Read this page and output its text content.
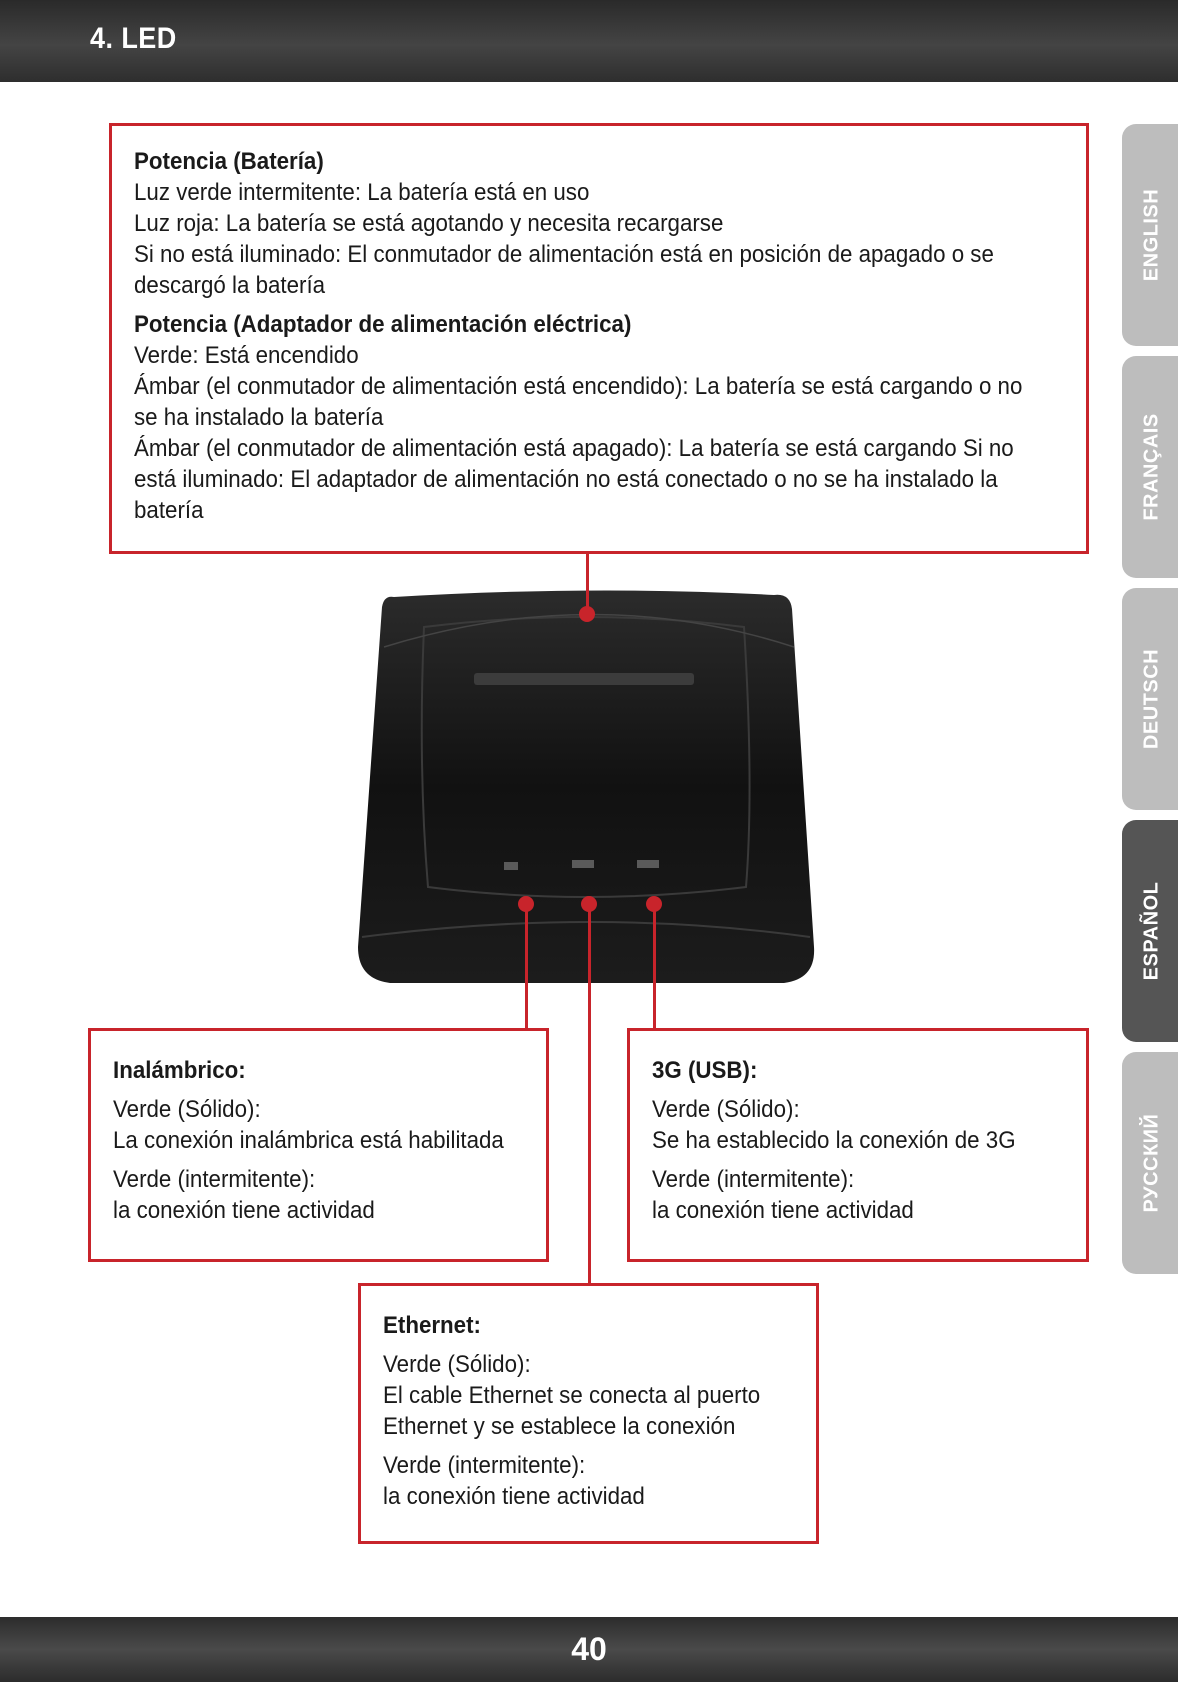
4. LED
ENGLISH
FRANÇAIS
DEUTSCH
ESPAÑOL
РУССКИЙ
Potencia (Batería)
Luz verde intermitente: La batería está en uso
Luz roja: La batería se está agotando y necesita recargarse
Si no está iluminado: El conmutador de alimentación está en posición de apagado o se
descargó la batería
Potencia (Adaptador de alimentación eléctrica)
Verde: Está encendido
Ámbar (el conmutador de alimentación está encendido): La batería se está cargando o no
se ha instalado la batería
Ámbar (el conmutador de alimentación está apagado): La batería se está cargando Si no
está iluminado: El adaptador de alimentación no está conectado o no se ha instalado la
batería
Inalámbrico:
Verde (Sólido):
La conexión inalámbrica está habilitada
Verde (intermitente):
la conexión tiene actividad
3G (USB):
Verde (Sólido):
Se ha establecido la conexión de 3G
Verde (intermitente):
la conexión tiene actividad
Ethernet:
Verde (Sólido):
El cable Ethernet se conecta al puerto
Ethernet y se establece la conexión
Verde (intermitente):
la conexión tiene actividad
40
